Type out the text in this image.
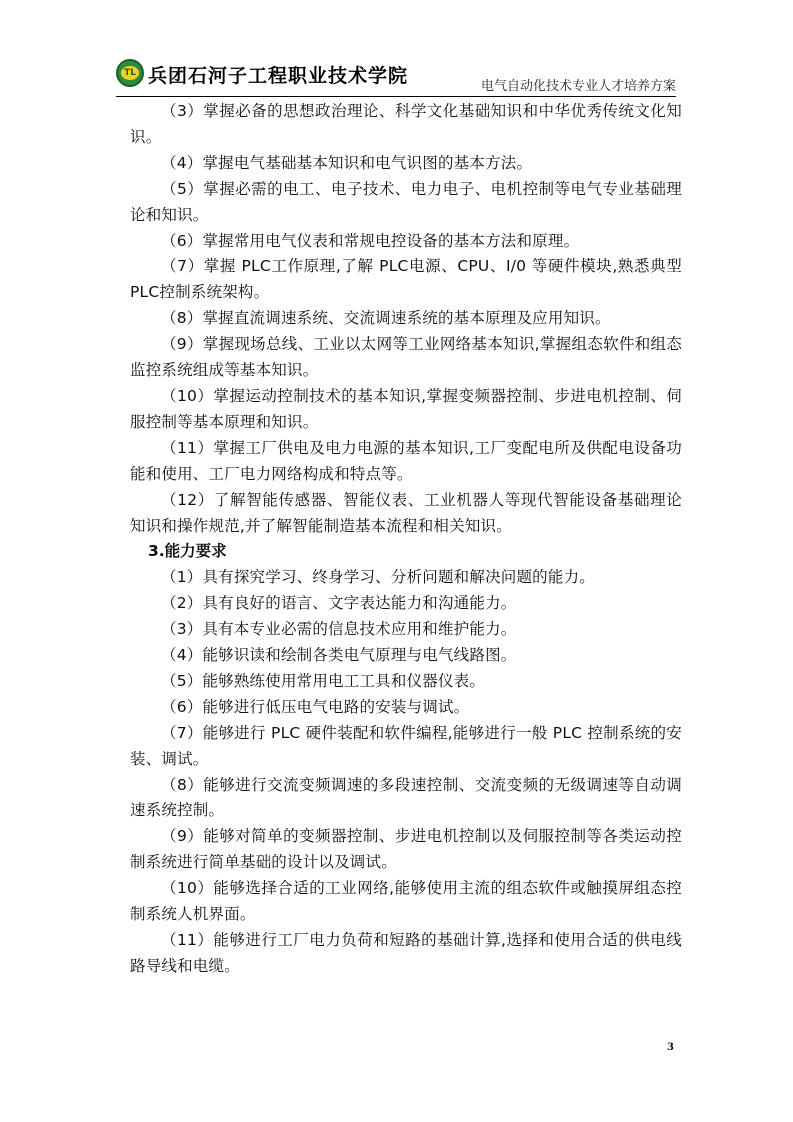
TL
兵团石河子工程职业技术学院	电气自动化技术专业人才培养方案

（3）掌握必备的思想政治理论、科学文化基础知识和中华优秀传统文化知识。

（4）掌握电气基础基本知识和电气识图的基本方法。

（5）掌握必需的电工、电子技术、电力电子、电机控制等电气专业基础理论和知识。

（6）掌握常用电气仪表和常规电控设备的基本方法和原理。

（7）掌握 PLC工作原理,了解 PLC电源、CPU、I/0 等硬件模块,熟悉典型 PLC控制系统架构。

（8）掌握直流调速系统、交流调速系统的基本原理及应用知识。

（9）掌握现场总线、工业以太网等工业网络基本知识,掌握组态软件和组态监控系统组成等基本知识。

（10）掌握运动控制技术的基本知识,掌握变频器控制、步进电机控制、伺服控制等基本原理和知识。

（11）掌握工厂供电及电力电源的基本知识,工厂变配电所及供配电设备功能和使用、工厂电力网络构成和特点等。

（12）了解智能传感器、智能仪表、工业机器人等现代智能设备基础理论知识和操作规范,并了解智能制造基本流程和相关知识。

3.能力要求

（1）具有探究学习、终身学习、分析问题和解决问题的能力。

（2）具有良好的语言、文字表达能力和沟通能力。

（3）具有本专业必需的信息技术应用和维护能力。

（4）能够识读和绘制各类电气原理与电气线路图。

（5）能够熟练使用常用电工工具和仪器仪表。

（6）能够进行低压电气电路的安装与调试。

（7）能够进行 PLC 硬件装配和软件编程,能够进行一般 PLC 控制系统的安装、调试。

（8）能够进行交流变频调速的多段速控制、交流变频的无级调速等自动调速系统控制。

（9）能够对简单的变频器控制、步进电机控制以及伺服控制等各类运动控制系统进行简单基础的设计以及调试。

（10）能够选择合适的工业网络,能够使用主流的组态软件或触摸屏组态控制系统人机界面。

（11）能够进行工厂电力负荷和短路的基础计算,选择和使用合适的供电线路导线和电缆。

3
